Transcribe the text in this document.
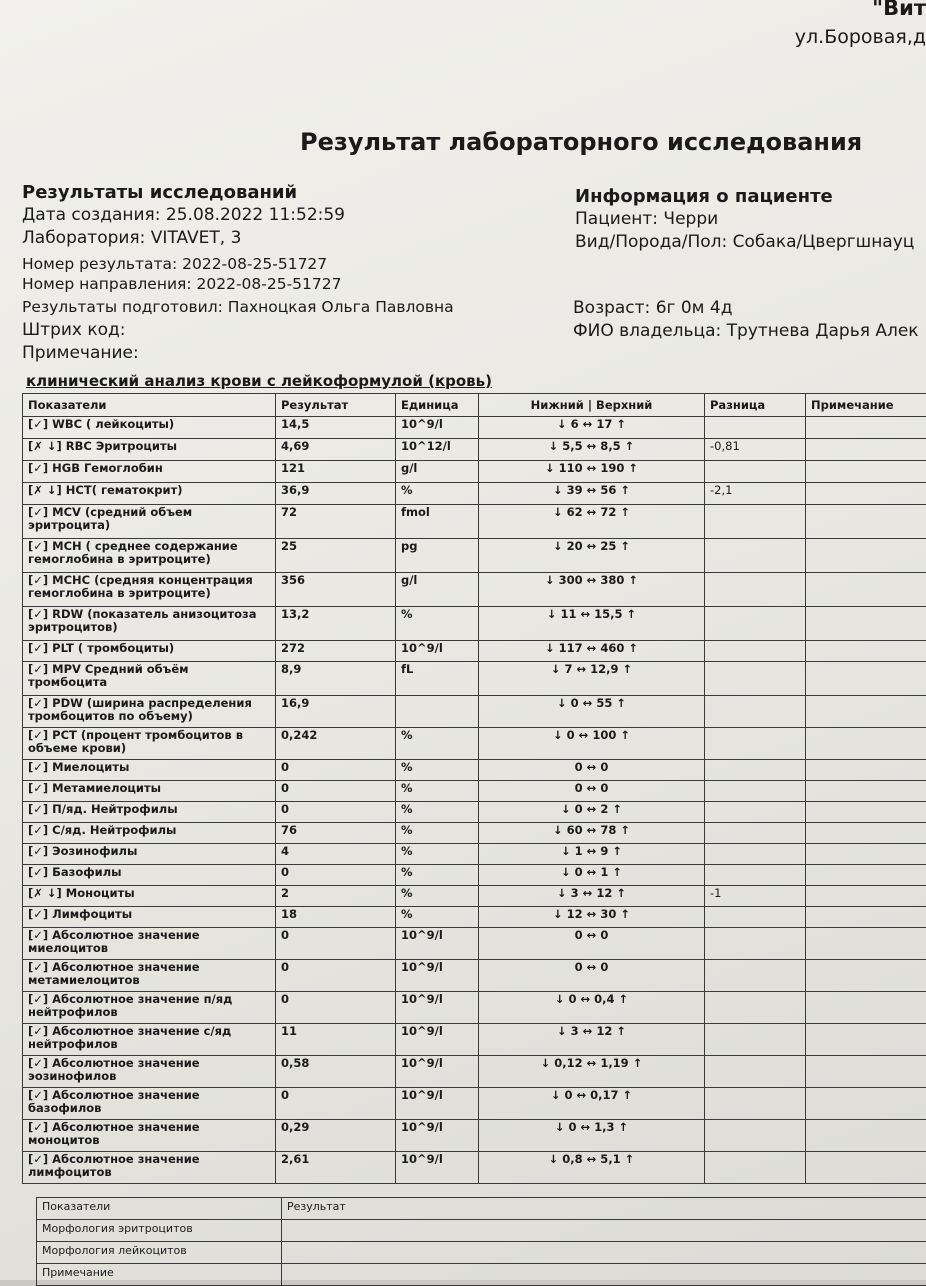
"Вит
ул.Боровая,д
Результат лабораторного исследования
Результаты исследований
Дата создания: 25.08.2022 11:52:59
Лаборатория: VITAVET, 3
Номер результата: 2022-08-25-51727
Номер направления: 2022-08-25-51727
Результаты подготовил: Пахноцкая Ольга Павловна
Штрих код:
Примечание:
Информация о пациенте
Пациент: Черри
Вид/Порода/Пол: Собака/Цвергшнауц
Возраст: 6г 0м 4д
ФИО владельца: Трутнева Дарья Алек
клинический анализ крови с лейкоформулой (кровь)
Показатели	Результат	Единица	Нижний | Верхний	Разница	Примечание
[✓] WBC ( лейкоциты)	14,5	10^9/l	↓ 6 ↔ 17 ↑		
[✗ ↓] RBC Эритроциты	4,69	10^12/l	↓ 5,5 ↔ 8,5 ↑	-0,81	
[✓] HGB Гемоглобин	121	g/l	↓ 110 ↔ 190 ↑		
[✗ ↓] HCT( гематокрит)	36,9	%	↓ 39 ↔ 56 ↑	-2,1	
[✓] MCV (средний объем эритроцита)	72	fmol	↓ 62 ↔ 72 ↑		
[✓] MCH ( среднее содержание гемоглобина в эритроците)	25	pg	↓ 20 ↔ 25 ↑		
[✓] MCHC (средняя концентрация гемоглобина в эритроците)	356	g/l	↓ 300 ↔ 380 ↑		
[✓] RDW (показатель анизоцитоза эритроцитов)	13,2	%	↓ 11 ↔ 15,5 ↑		
[✓] PLT ( тромбоциты)	272	10^9/l	↓ 117 ↔ 460 ↑		
[✓] MPV Средний объём тромбоцита	8,9	fL	↓ 7 ↔ 12,9 ↑		
[✓] PDW (ширина распределения тромбоцитов по объему)	16,9		↓ 0 ↔ 55 ↑		
[✓] PCT (процент тромбоцитов в объеме крови)	0,242	%	↓ 0 ↔ 100 ↑		
[✓] Миелоциты	0	%	0 ↔ 0		
[✓] Метамиелоциты	0	%	0 ↔ 0		
[✓] П/яд. Нейтрофилы	0	%	↓ 0 ↔ 2 ↑		
[✓] С/яд. Нейтрофилы	76	%	↓ 60 ↔ 78 ↑		
[✓] Эозинофилы	4	%	↓ 1 ↔ 9 ↑		
[✓] Базофилы	0	%	↓ 0 ↔ 1 ↑		
[✗ ↓] Моноциты	2	%	↓ 3 ↔ 12 ↑	-1	
[✓] Лимфоциты	18	%	↓ 12 ↔ 30 ↑		
[✓] Абсолютное значение миелоцитов	0	10^9/l	0 ↔ 0		
[✓] Абсолютное значение метамиелоцитов	0	10^9/l	0 ↔ 0		
[✓] Абсолютное значение п/яд нейтрофилов	0	10^9/l	↓ 0 ↔ 0,4 ↑		
[✓] Абсолютное значение с/яд нейтрофилов	11	10^9/l	↓ 3 ↔ 12 ↑		
[✓] Абсолютное значение эозинофилов	0,58	10^9/l	↓ 0,12 ↔ 1,19 ↑		
[✓] Абсолютное значение базофилов	0	10^9/l	↓ 0 ↔ 0,17 ↑		
[✓] Абсолютное значение моноцитов	0,29	10^9/l	↓ 0 ↔ 1,3 ↑		
[✓] Абсолютное значение лимфоцитов	2,61	10^9/l	↓ 0,8 ↔ 5,1 ↑		
Показатели	Результат
Морфология эритроцитов	
Морфология лейкоцитов	
Примечание	
